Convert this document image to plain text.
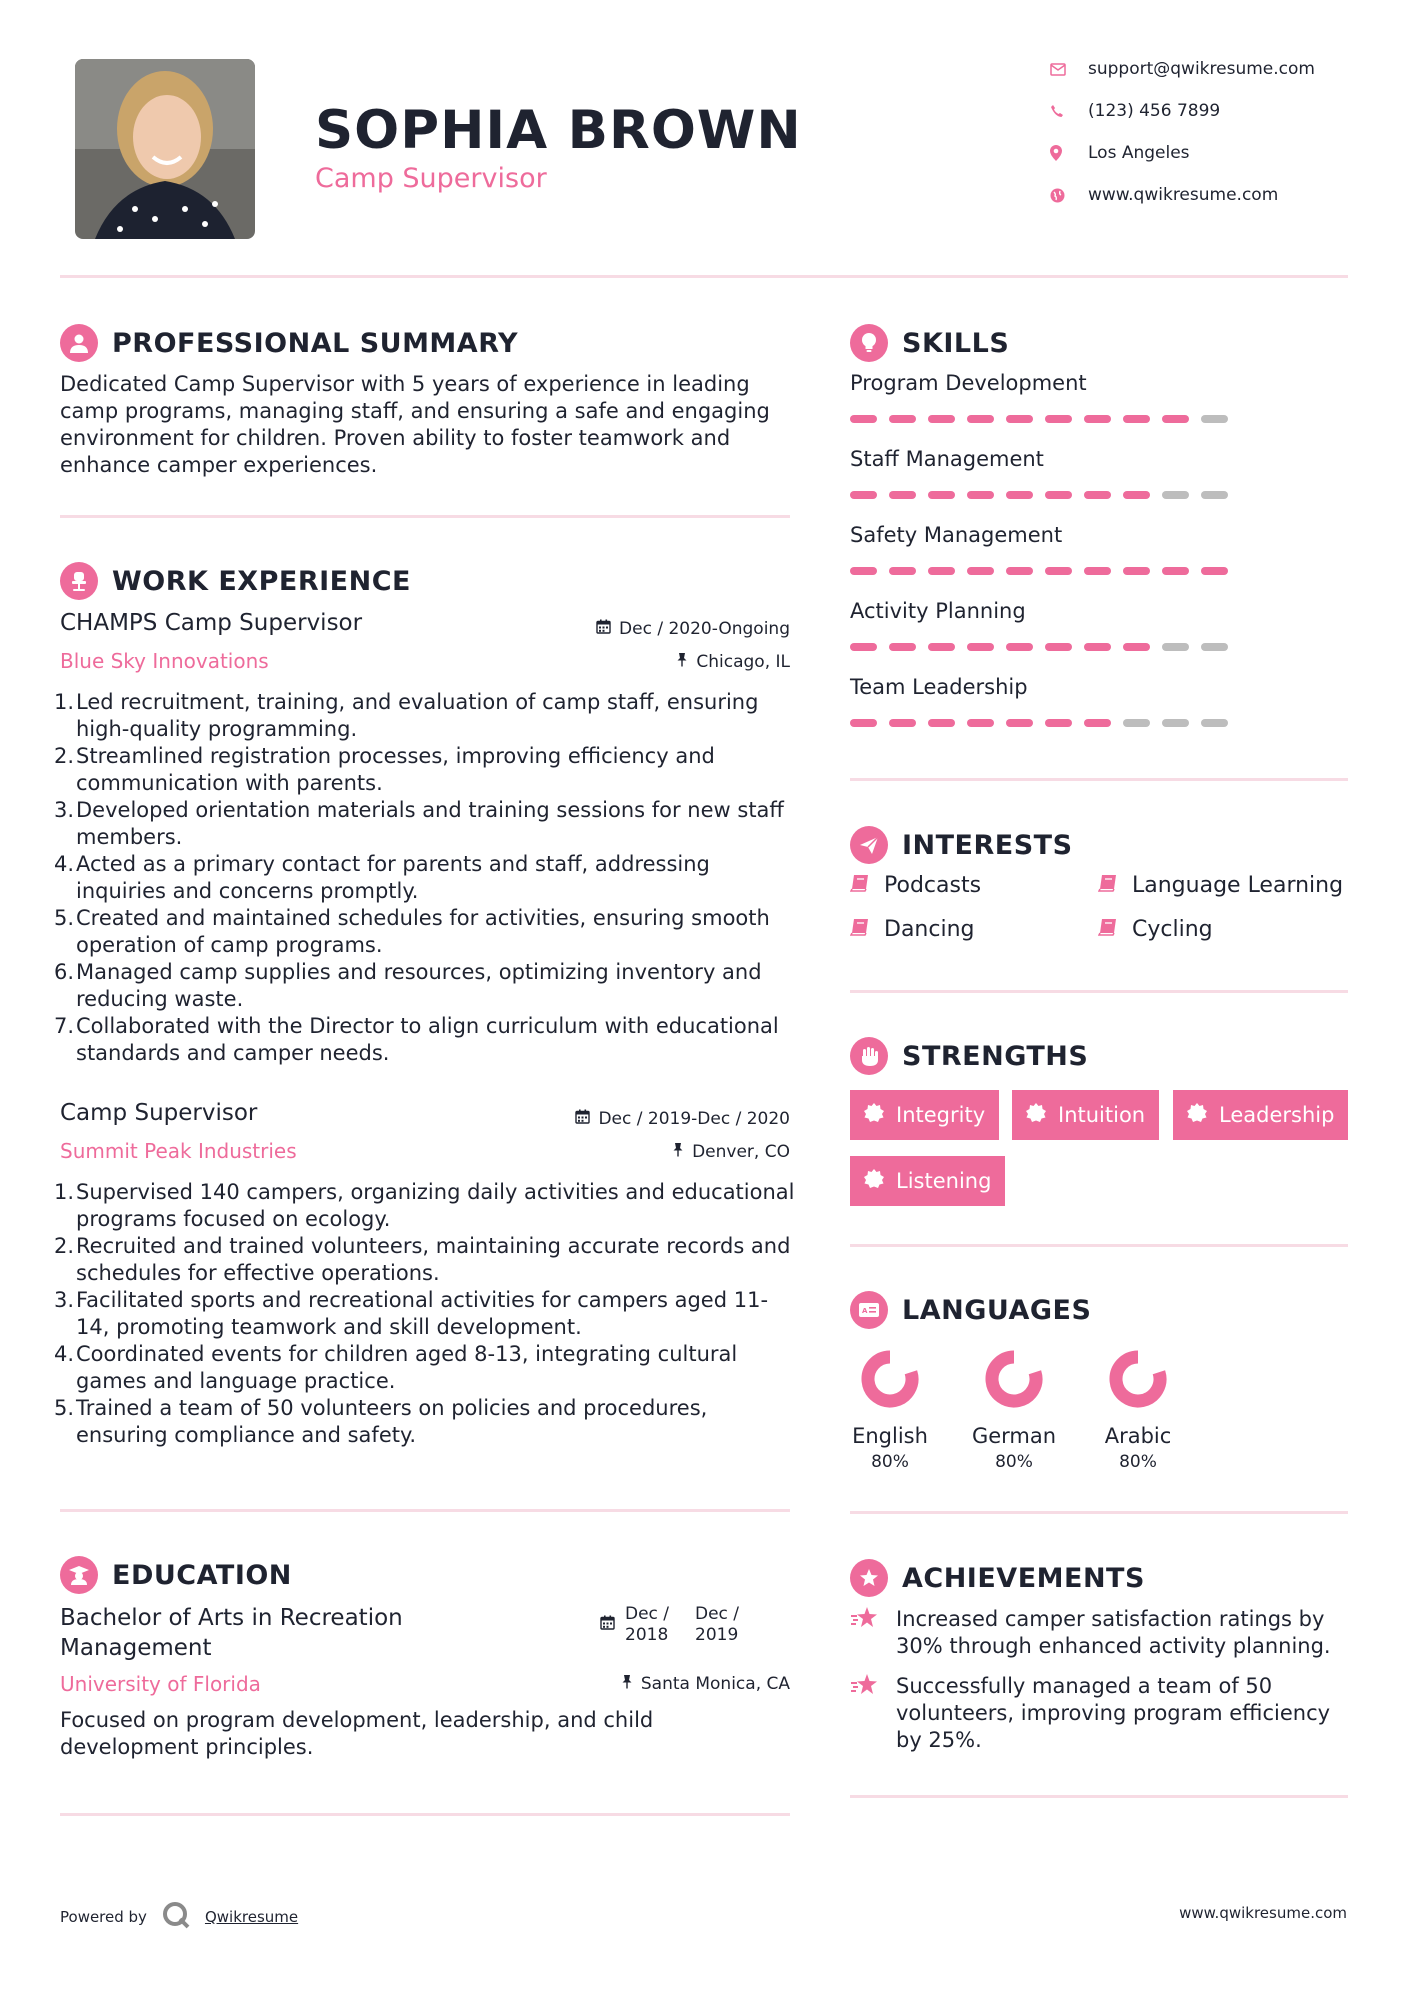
SOPHIA BROWN
Camp Supervisor
support@qwikresume.com
(123) 456 7899
Los Angeles
www.qwikresume.com
PROFESSIONAL SUMMARY
Dedicated Camp Supervisor with 5 years of experience in leading camp programs, managing staff, and ensuring a safe and engaging environment for children. Proven ability to foster teamwork and enhance camper experiences.
WORK EXPERIENCE
CHAMPS Camp Supervisor	Dec / 2020-Ongoing
Blue Sky Innovations	Chicago, IL
1. Led recruitment, training, and evaluation of camp staff, ensuring high-quality programming.
2. Streamlined registration processes, improving efficiency and communication with parents.
3. Developed orientation materials and training sessions for new staff members.
4. Acted as a primary contact for parents and staff, addressing inquiries and concerns promptly.
5. Created and maintained schedules for activities, ensuring smooth operation of camp programs.
6. Managed camp supplies and resources, optimizing inventory and reducing waste.
7. Collaborated with the Director to align curriculum with educational standards and camper needs.
Camp Supervisor	Dec / 2019-Dec / 2020
Summit Peak Industries	Denver, CO
1. Supervised 140 campers, organizing daily activities and educational programs focused on ecology.
2. Recruited and trained volunteers, maintaining accurate records and schedules for effective operations.
3. Facilitated sports and recreational activities for campers aged 11-14, promoting teamwork and skill development.
4. Coordinated events for children aged 8-13, integrating cultural games and language practice.
5. Trained a team of 50 volunteers on policies and procedures, ensuring compliance and safety.
EDUCATION
Bachelor of Arts in Recreation Management
Dec / 2018
Dec / 2019
University of Florida	Santa Monica, CA
Focused on program development, leadership, and child development principles.
SKILLS
Program Development
Staff Management
Safety Management
Activity Planning
Team Leadership
INTERESTS
Podcasts	Language Learning
Dancing	Cycling
STRENGTHS
Integrity	Intuition	Leadership
Listening
A LANGUAGES
English
80%
German
80%
Arabic
80%
ACHIEVEMENTS
Increased camper satisfaction ratings by 30% through enhanced activity planning.
Successfully managed a team of 50 volunteers, improving program efficiency by 25%.
Powered by	Qwikresume	www.qwikresume.com
